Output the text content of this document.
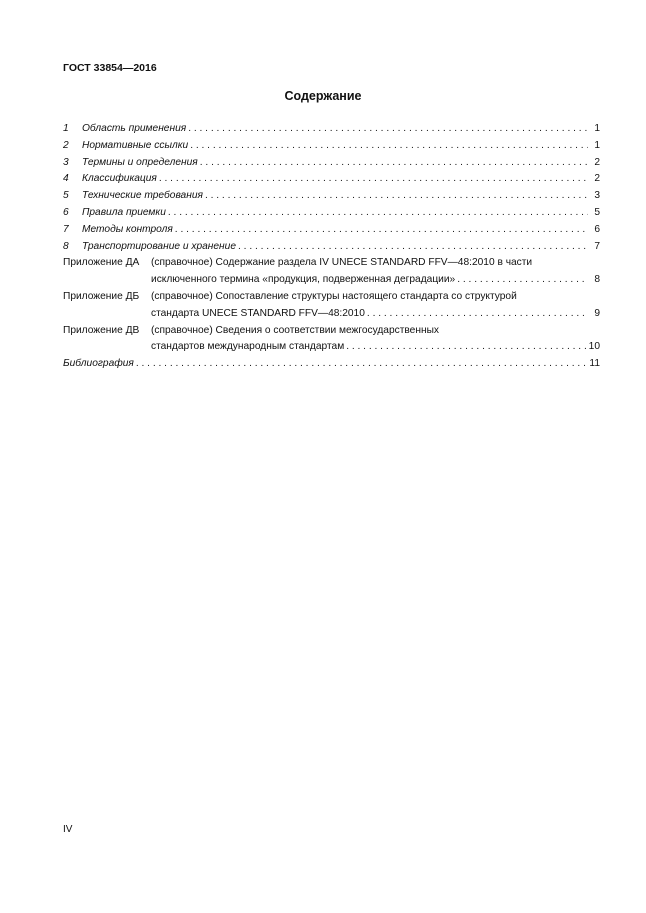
ГОСТ 33854—2016
Содержание
1	Область применения . . .	1
2	Нормативные ссылки . . .	1
3	Термины и определения . . .	2
4	Классификация . . .	2
5	Технические требования . . .	3
6	Правила приемки . . .	5
7	Методы контроля . . .	6
8	Транспортирование и хранение . . .	7
Приложение ДА	(справочное) Содержание раздела IV UNECE STANDARD FFV—48:2010 в части
исключенного термина «продукция, подверженная деградации» . . .	8
Приложение ДБ	(справочное) Сопоставление структуры настоящего стандарта со структурой
стандарта UNECE STANDARD FFV—48:2010 . . .	9
Приложение ДВ	(справочное) Сведения о соответствии межгосударственных
стандартов международным стандартам . . .	10
Библиография . . .	11
IV
